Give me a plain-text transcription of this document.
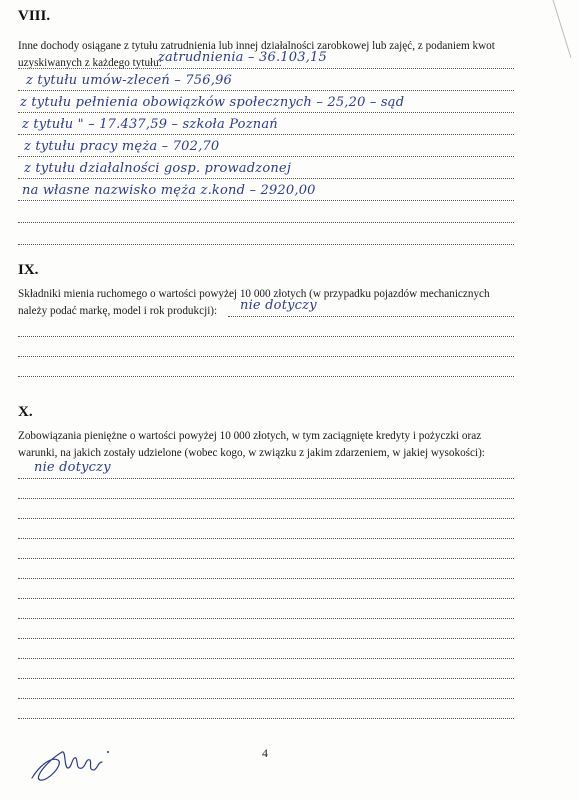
VIII.
Inne dochody osiągane z tytułu zatrudnienia lub innej działalności zarobkowej lub zajęć, z podaniem kwot
uzyskiwanych z każdego tytułu:
zatrudnienia – 36.103,15
z tytułu umów-zleceń – 756,96
z tytułu pełnienia obowiązków społecznych – 25,20 – sąd
z tytułu " – 17.437,59 – szkoła Poznań
z tytułu pracy męża – 702,70
z tytułu działalności gosp. prowadzonej
na własne nazwisko męża z.kond – 2920,00
IX.
Składniki mienia ruchomego o wartości powyżej 10 000 złotych (w przypadku pojazdów mechanicznych
należy podać markę, model i rok produkcji):	nie dotyczy
X.
Zobowiązania pieniężne o wartości powyżej 10 000 złotych, w tym zaciągnięte kredyty i pożyczki oraz
warunki, na jakich zostały udzielone (wobec kogo, w związku z jakim zdarzeniem, w jakiej wysokości):
nie dotyczy
4
